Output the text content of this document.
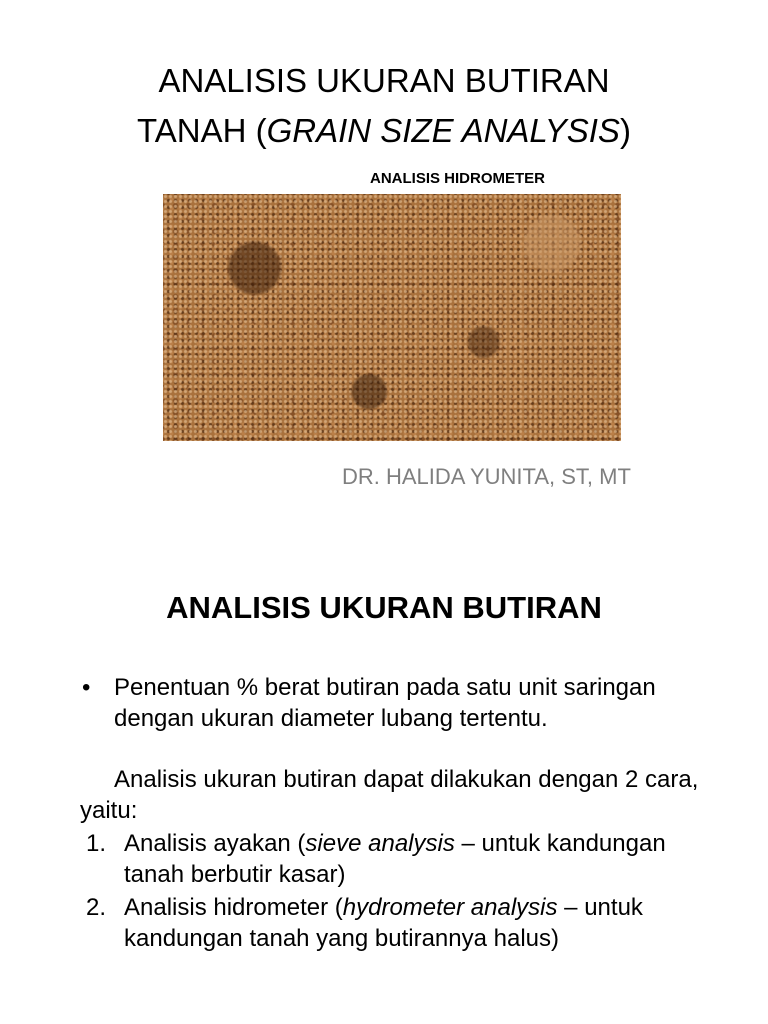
ANALISIS UKURAN BUTIRAN
TANAH (GRAIN SIZE ANALYSIS)
ANALISIS HIDROMETER
DR. HALIDA YUNITA, ST, MT
ANALISIS UKURAN BUTIRAN
• Penentuan % berat butiran pada satu unit saringan dengan ukuran diameter lubang tertentu.
Analisis ukuran butiran dapat dilakukan dengan 2 cara, yaitu:
1. Analisis ayakan (sieve analysis – untuk kandungan tanah berbutir kasar)
2. Analisis hidrometer (hydrometer analysis – untuk kandungan tanah yang butirannya halus)
